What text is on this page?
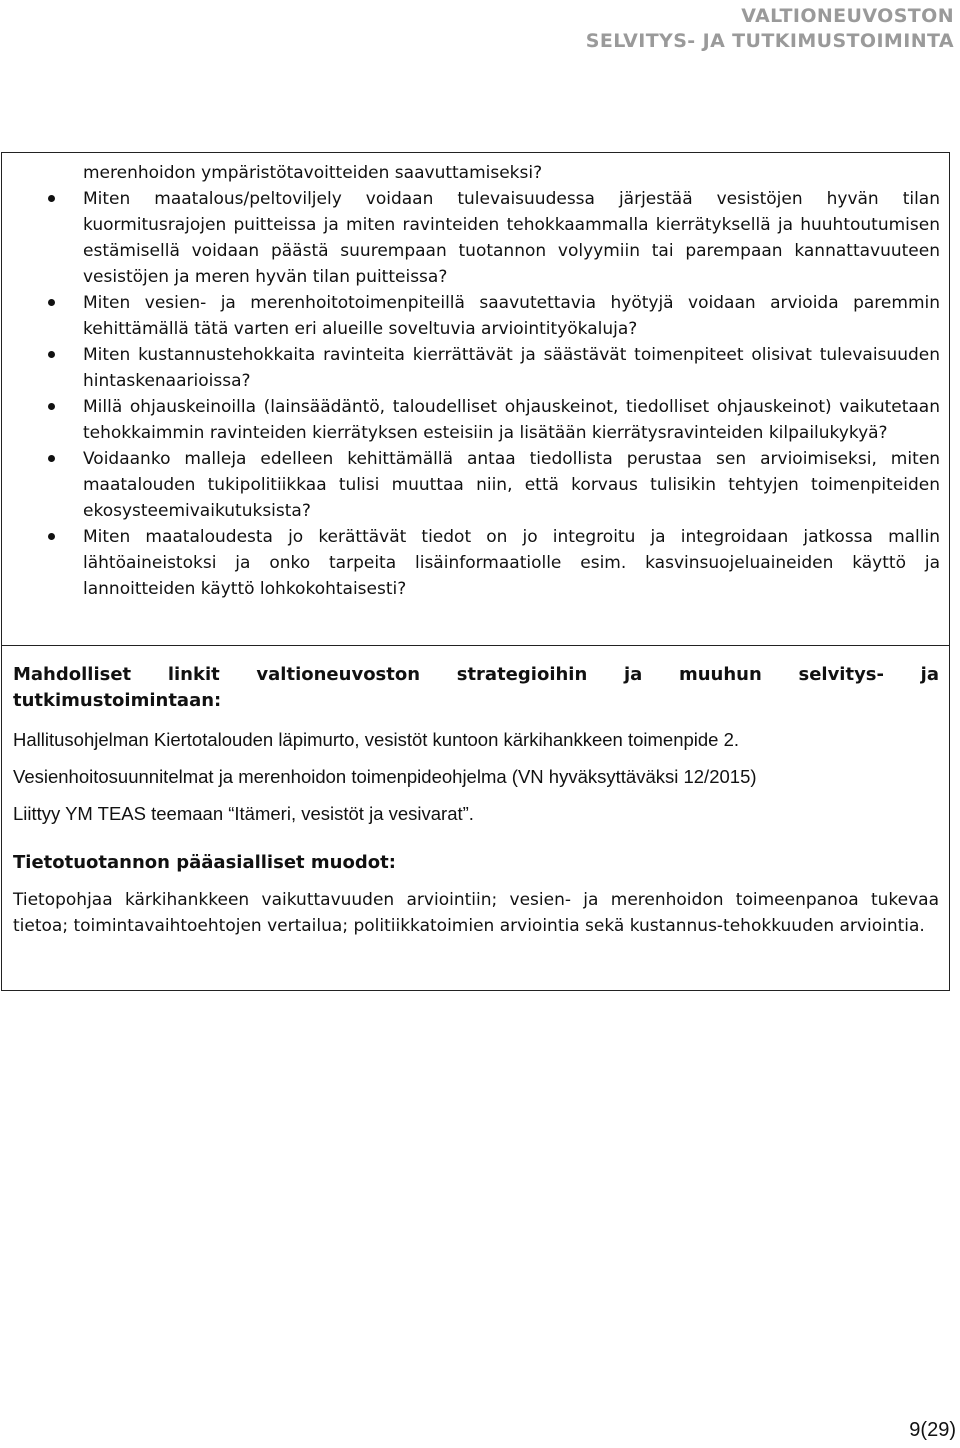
VALTIONEUVOSTON
SELVITYS- JA TUTKIMUSTOIMINTA
merenhoidon ympäristötavoitteiden saavuttamiseksi?
Miten maatalous/peltoviljely voidaan tulevaisuudessa järjestää vesistöjen hyvän tilan kuormitusrajojen puitteissa ja miten ravinteiden tehokkaammalla kierrätyksellä ja huuhtoutumisen estämisellä voidaan päästä suurempaan tuotannon volyymiin tai parempaan kannattavuuteen vesistöjen ja meren hyvän tilan puitteissa?
Miten vesien- ja merenhoitotoimenpiteillä saavutettavia hyötyjä voidaan arvioida paremmin kehittämällä tätä varten eri alueille soveltuvia arviointityökaluja?
Miten kustannustehokkaita ravinteita kierrättävät ja säästävät toimenpiteet olisivat tulevaisuuden hintaskenaarioissa?
Millä ohjauskeinoilla (lainsäädäntö, taloudelliset ohjauskeinot, tiedolliset ohjauskeinot) vaikutetaan tehokkaimmin ravinteiden kierrätyksen esteisiin ja lisätään kierrätysravinteiden kilpailukykyä?
Voidaanko malleja edelleen kehittämällä antaa tiedollista perustaa sen arvioimiseksi, miten maatalouden tukipolitiikkaa tulisi muuttaa niin, että korvaus tulisikin tehtyjen toimenpiteiden ekosysteemivaikutuksista?
Miten maataloudesta jo kerättävät tiedot on jo integroitu ja integroidaan jatkossa mallin lähtöaineistoksi ja onko tarpeita lisäinformaatiolle esim. kasvinsuojeluaineiden käyttö ja lannoitteiden käyttö lohkokohtaisesti?
Mahdolliset linkit valtioneuvoston strategioihin ja muuhun selvitys- ja tutkimustoimintaan:
Hallitusohjelman Kiertotalouden läpimurto, vesistöt kuntoon kärkihankkeen toimenpide 2.
Vesienhoitosuunnitelmat ja merenhoidon toimenpideohjelma (VN hyväksyttäväksi 12/2015)
Liittyy YM TEAS teemaan “Itämeri, vesistöt ja vesivarat”.
Tietotuotannon pääasialliset muodot:
Tietopohjaa kärkihankkeen vaikuttavuuden arviointiin; vesien- ja merenhoidon toimeenpanoa tukevaa tietoa; toimintavaihtoehtojen vertailua; politiikkatoimien arviointia sekä kustannus-tehokkuuden arviointia.
9(29)
